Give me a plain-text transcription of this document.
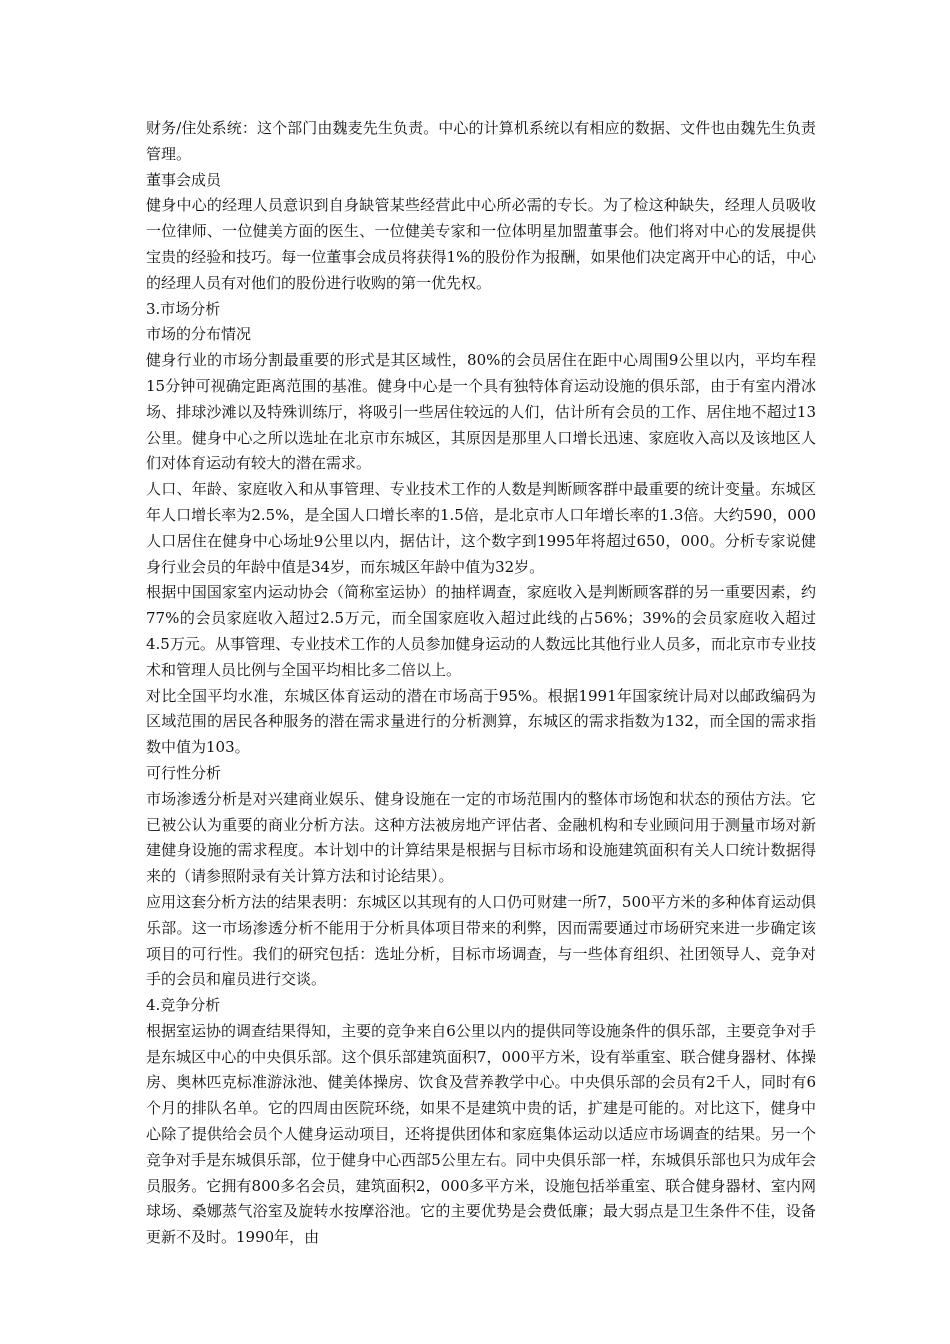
财务/住处系统：这个部门由魏麦先生负责。中心的计算机系统以有相应的数据、文件也由魏先生负责管理。

董事会成员

健身中心的经理人员意识到自身缺管某些经营此中心所必需的专长。为了检这种缺失，经理人员吸收一位律师、一位健美方面的医生、一位健美专家和一位体明星加盟董事会。他们将对中心的发展提供宝贵的经验和技巧。每一位董事会成员将获得1%的股份作为报酬，如果他们决定离开中心的话，中心的经理人员有对他们的股份进行收购的第一优先权。

3.市场分析

市场的分布情况

健身行业的市场分割最重要的形式是其区域性，80%的会员居住在距中心周围9公里以内，平均车程15分钟可视确定距离范围的基准。健身中心是一个具有独特体育运动设施的俱乐部，由于有室内滑冰场、排球沙滩以及特殊训练厅，将吸引一些居住较远的人们，估计所有会员的工作、居住地不超过13公里。健身中心之所以选址在北京市东城区，其原因是那里人口增长迅速、家庭收入高以及该地区人们对体育运动有较大的潜在需求。

人口、年龄、家庭收入和从事管理、专业技术工作的人数是判断顾客群中最重要的统计变量。东城区年人口增长率为2.5%，是全国人口增长率的1.5倍，是北京市人口年增长率的1.3倍。大约590，000人口居住在健身中心场址9公里以内，据估计，这个数字到1995年将超过650，000。分析专家说健身行业会员的年龄中值是34岁，而东城区年龄中值为32岁。

根据中国国家室内运动协会（简称室运协）的抽样调查，家庭收入是判断顾客群的另一重要因素，约77%的会员家庭收入超过2.5万元，而全国家庭收入超过此线的占56%；39%的会员家庭收入超过4.5万元。从事管理、专业技术工作的人员参加健身运动的人数远比其他行业人员多，而北京市专业技术和管理人员比例与全国平均相比多二倍以上。

对比全国平均水准，东城区体育运动的潜在市场高于95%。根据1991年国家统计局对以邮政编码为区域范围的居民各种服务的潜在需求量进行的分析测算，东城区的需求指数为132，而全国的需求指数中值为103。

可行性分析

市场渗透分析是对兴建商业娱乐、健身设施在一定的市场范围内的整体市场饱和状态的预估方法。它已被公认为重要的商业分析方法。这种方法被房地产评估者、金融机构和专业顾问用于测量市场对新建健身设施的需求程度。本计划中的计算结果是根据与目标市场和设施建筑面积有关人口统计数据得来的（请参照附录有关计算方法和讨论结果）。

应用这套分析方法的结果表明：东城区以其现有的人口仍可财建一所7，500平方米的多种体育运动俱乐部。这一市场渗透分析不能用于分析具体项目带来的利弊，因而需要通过市场研究来进一步确定该项目的可行性。我们的研究包括：选址分析，目标市场调查，与一些体育组织、社团领导人、竞争对手的会员和雇员进行交谈。

4.竞争分析

根据室运协的调查结果得知，主要的竞争来自6公里以内的提供同等设施条件的俱乐部，主要竞争对手是东城区中心的中央俱乐部。这个俱乐部建筑面积7，000平方米，设有举重室、联合健身器材、体操房、奥林匹克标准游泳池、健美体操房、饮食及营养教学中心。中央俱乐部的会员有2千人，同时有6个月的排队名单。它的四周由医院环绕，如果不是建筑中贵的话，扩建是可能的。对比这下，健身中心除了提供给会员个人健身运动项目，还将提供团体和家庭集体运动以适应市场调查的结果。另一个竞争对手是东城俱乐部，位于健身中心西部5公里左右。同中央俱乐部一样，东城俱乐部也只为成年会员服务。它拥有800多名会员，建筑面积2，000多平方米，设施包括举重室、联合健身器材、室内网球场、桑娜蒸气浴室及旋转水按摩浴池。它的主要优势是会费低廉；最大弱点是卫生条件不佳，设备更新不及时。1990年，由
